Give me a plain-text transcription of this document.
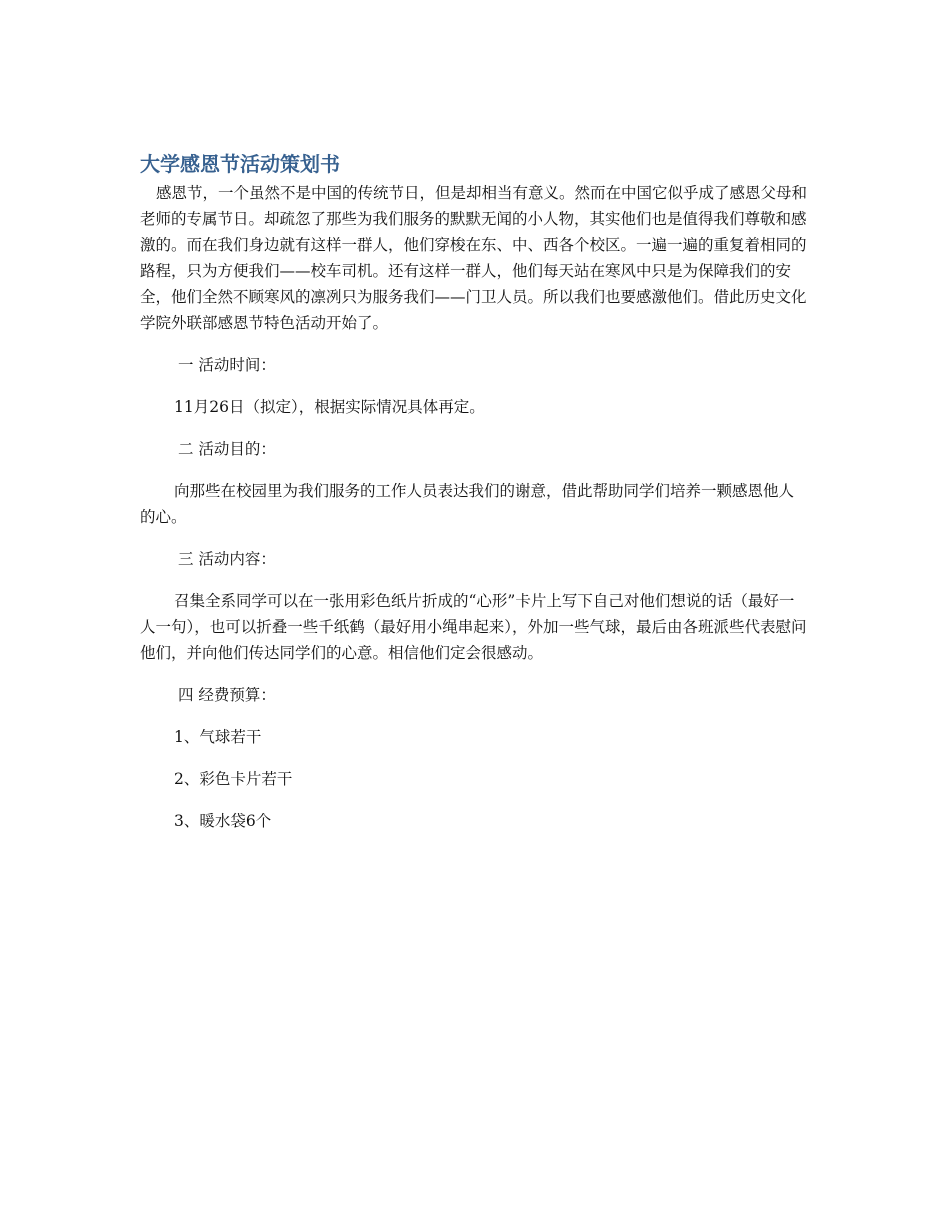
大学感恩节活动策划书

感恩节，一个虽然不是中国的传统节日，但是却相当有意义。然而在中国它似乎成了感恩父母和老师的专属节日。却疏忽了那些为我们服务的默默无闻的小人物，其实他们也是值得我们尊敬和感激的。而在我们身边就有这样一群人，他们穿梭在东、中、西各个校区。一遍一遍的重复着相同的路程，只为方便我们——校车司机。还有这样一群人，他们每天站在寒风中只是为保障我们的安全，他们全然不顾寒风的凛冽只为服务我们——门卫人员。所以我们也要感激他们。借此历史文化学院外联部感恩节特色活动开始了。

一 活动时间：

11月26日（拟定），根据实际情况具体再定。

二 活动目的：

向那些在校园里为我们服务的工作人员表达我们的谢意，借此帮助同学们培养一颗感恩他人的心。

三 活动内容：

召集全系同学可以在一张用彩色纸片折成的“心形”卡片上写下自己对他们想说的话（最好一人一句），也可以折叠一些千纸鹤（最好用小绳串起来），外加一些气球，最后由各班派些代表慰问他们，并向他们传达同学们的心意。相信他们定会很感动。

四 经费预算：

1、气球若干

2、彩色卡片若干

3、暖水袋6个
